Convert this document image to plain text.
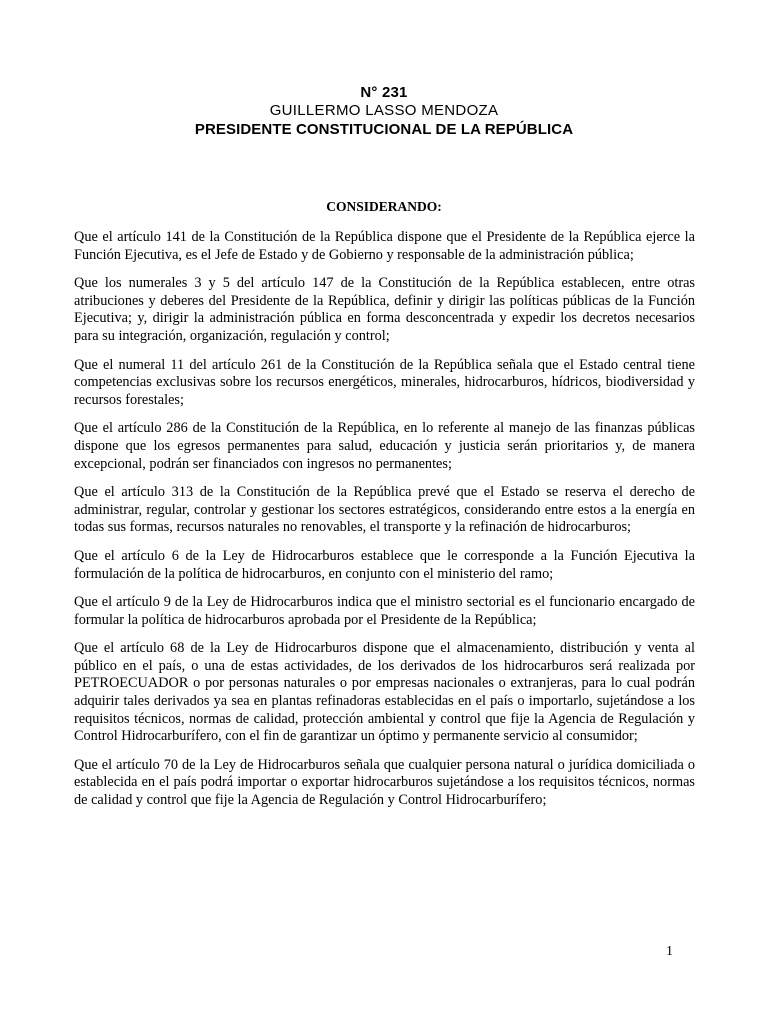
N° 231
GUILLERMO LASSO MENDOZA
PRESIDENTE CONSTITUCIONAL DE LA REPÚBLICA
CONSIDERANDO:

Que el artículo 141 de la Constitución de la República dispone que el Presidente de la República ejerce la Función Ejecutiva, es el Jefe de Estado y de Gobierno y responsable de la administración pública;

Que los numerales 3 y 5 del artículo 147 de la Constitución de la República establecen, entre otras atribuciones y deberes del Presidente de la República, definir y dirigir las políticas públicas de la Función Ejecutiva; y, dirigir la administración pública en forma desconcentrada y expedir los decretos necesarios para su integración, organización, regulación y control;

Que el numeral 11 del artículo 261 de la Constitución de la República señala que el Estado central tiene competencias exclusivas sobre los recursos energéticos, minerales, hidrocarburos, hídricos, biodiversidad y recursos forestales;

Que el artículo 286 de la Constitución de la República, en lo referente al manejo de las finanzas públicas dispone que los egresos permanentes para salud, educación y justicia serán prioritarios y, de manera excepcional, podrán ser financiados con ingresos no permanentes;

Que el artículo 313 de la Constitución de la República prevé que el Estado se reserva el derecho de administrar, regular, controlar y gestionar los sectores estratégicos, considerando entre estos a la energía en todas sus formas, recursos naturales no renovables, el transporte y la refinación de hidrocarburos;

Que el artículo 6 de la Ley de Hidrocarburos establece que le corresponde a la Función Ejecutiva la formulación de la política de hidrocarburos, en conjunto con el ministerio del ramo;

Que el artículo 9 de la Ley de Hidrocarburos indica que el ministro sectorial es el funcionario encargado de formular la política de hidrocarburos aprobada por el Presidente de la República;

Que el artículo 68 de la Ley de Hidrocarburos dispone que el almacenamiento, distribución y venta al público en el país, o una de estas actividades, de los derivados de los hidrocarburos será realizada por PETROECUADOR o por personas naturales o por empresas nacionales o extranjeras, para lo cual podrán adquirir tales derivados ya sea en plantas refinadoras establecidas en el país o importarlo, sujetándose a los requisitos técnicos, normas de calidad, protección ambiental y control que fije la Agencia de Regulación y Control Hidrocarburífero, con el fin de garantizar un óptimo y permanente servicio al consumidor;

Que el artículo 70 de la Ley de Hidrocarburos señala que cualquier persona natural o jurídica domiciliada o establecida en el país podrá importar o exportar hidrocarburos sujetándose a los requisitos técnicos, normas de calidad y control que fije la Agencia de Regulación y Control Hidrocarburífero;

1
